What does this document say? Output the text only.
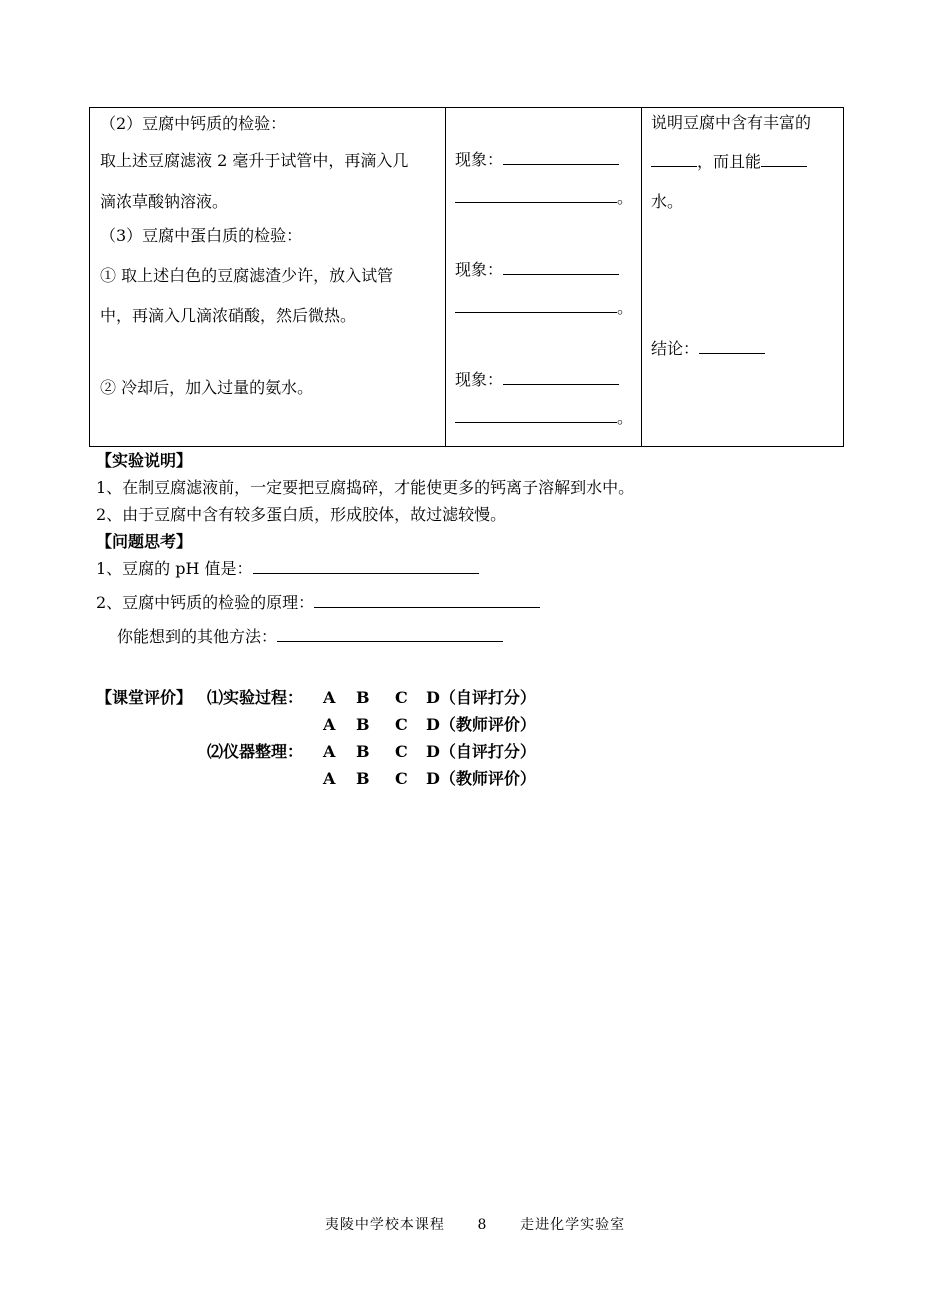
（2）豆腐中钙质的检验：
取上述豆腐滤液 2 毫升于试管中，再滴入几
滴浓草酸钠溶液。
（3）豆腐中蛋白质的检验：
① 取上述白色的豆腐滤渣少许，放入试管
中，再滴入几滴浓硝酸，然后微热。
② 冷却后，加入过量的氨水。
现象：
。
现象：
。
现象：
。
说明豆腐中含有丰富的
，而且能
水。
结论：
【实验说明】
1、在制豆腐滤液前，一定要把豆腐捣碎，才能使更多的钙离子溶解到水中。
2、由于豆腐中含有较多蛋白质，形成胶体，故过滤较慢。
【问题思考】
1、豆腐的 pH 值是：
2、豆腐中钙质的检验的原理：
你能想到的其他方法：
【课堂评价】 ⑴实验过程：
⑵仪器整理：
A B C D（自评打分）
A B C D（教师评价）
A B C D（自评打分）
A B C D（教师评价）
夷陵中学校本课程 8 走进化学实验室
